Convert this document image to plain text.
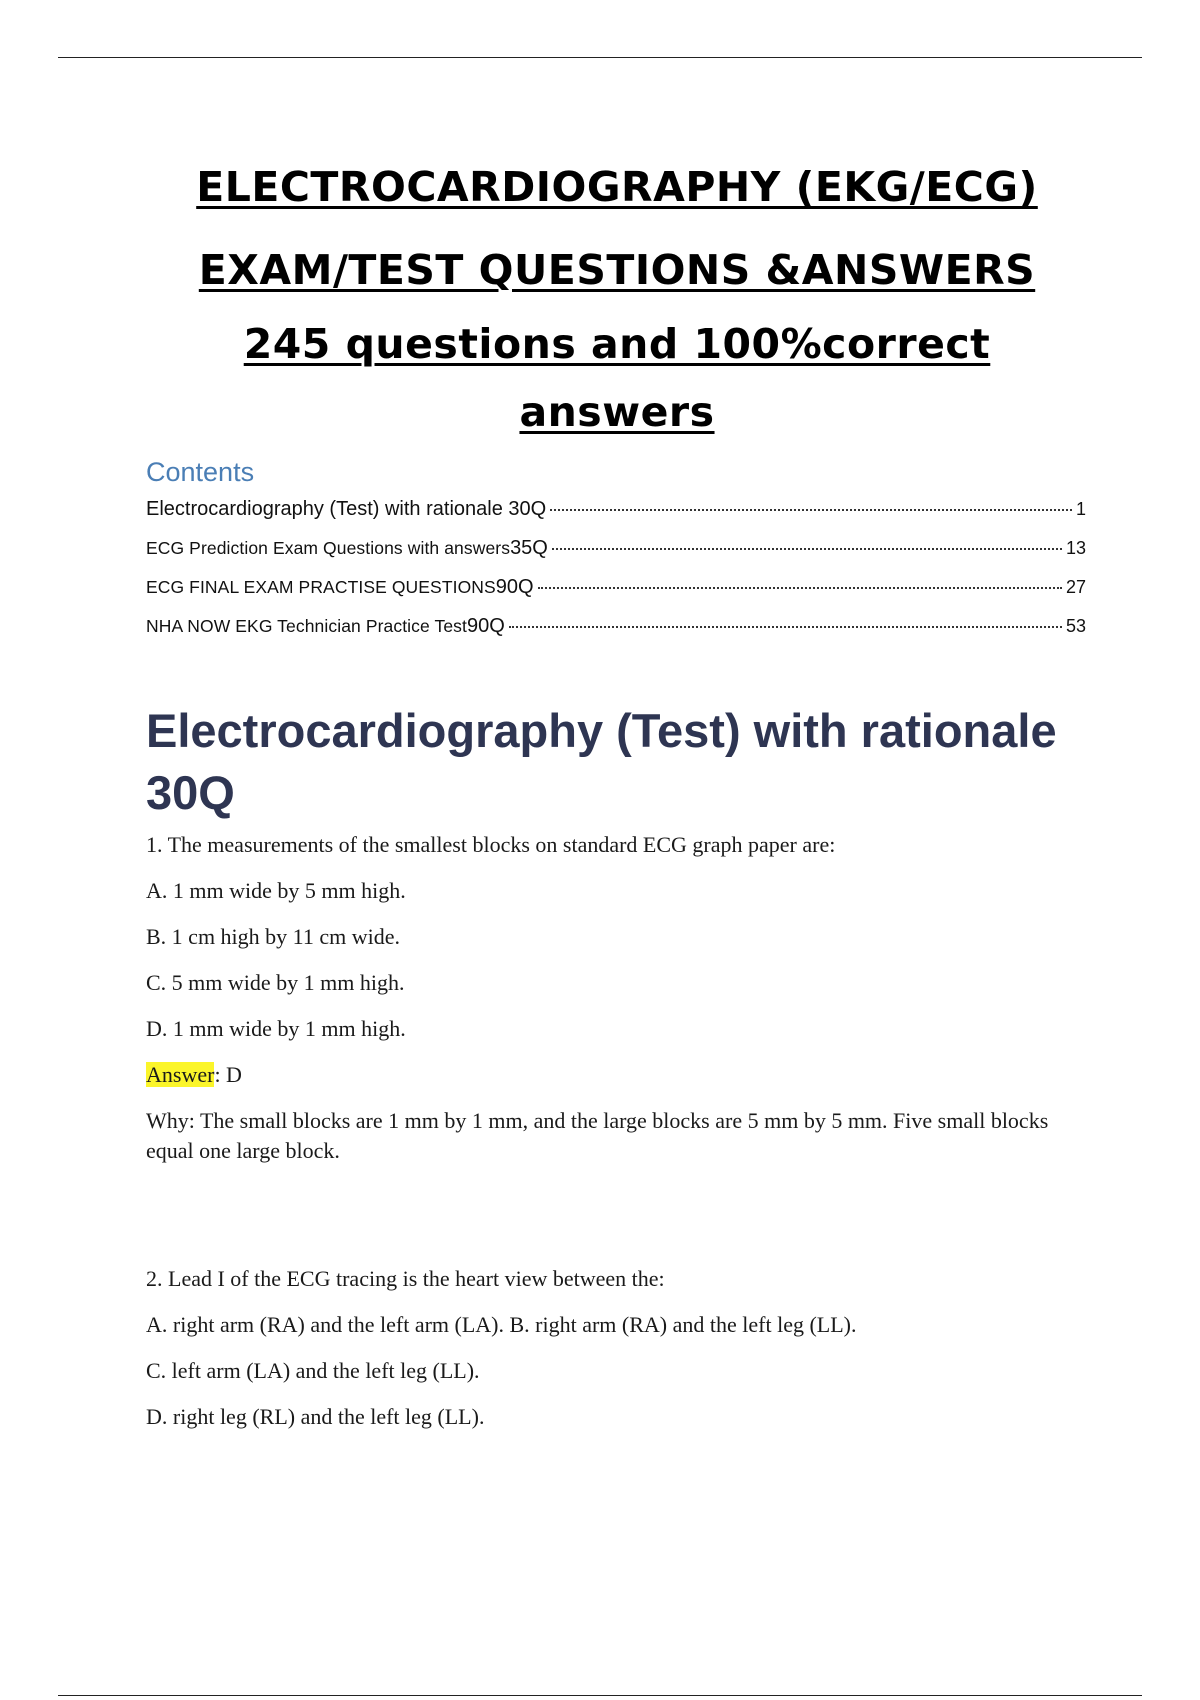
ELECTROCARDIOGRAPHY (EKG/ECG)
EXAM/TEST QUESTIONS &ANSWERS
245 questions and 100%correct
answers
Contents
Electrocardiography (Test) with rationale 30Q	1
ECG Prediction Exam Questions with answers 35Q	13
ECG FINAL EXAM PRACTISE QUESTIONS 90Q	27
NHA NOW EKG Technician Practice Test 90Q	53
Electrocardiography (Test) with rationale 30Q

1. The measurements of the smallest blocks on standard ECG graph paper are:

A. 1 mm wide by 5 mm high.

B. 1 cm high by 11 cm wide.

C. 5 mm wide by 1 mm high.

D. 1 mm wide by 1 mm high.

Answer: D

Why: The small blocks are 1 mm by 1 mm, and the large blocks are 5 mm by 5 mm. Five small blocks equal one large block.

2. Lead I of the ECG tracing is the heart view between the:

A. right arm (RA) and the left arm (LA). B. right arm (RA) and the left leg (LL).

C. left arm (LA) and the left leg (LL).

D. right leg (RL) and the left leg (LL).
